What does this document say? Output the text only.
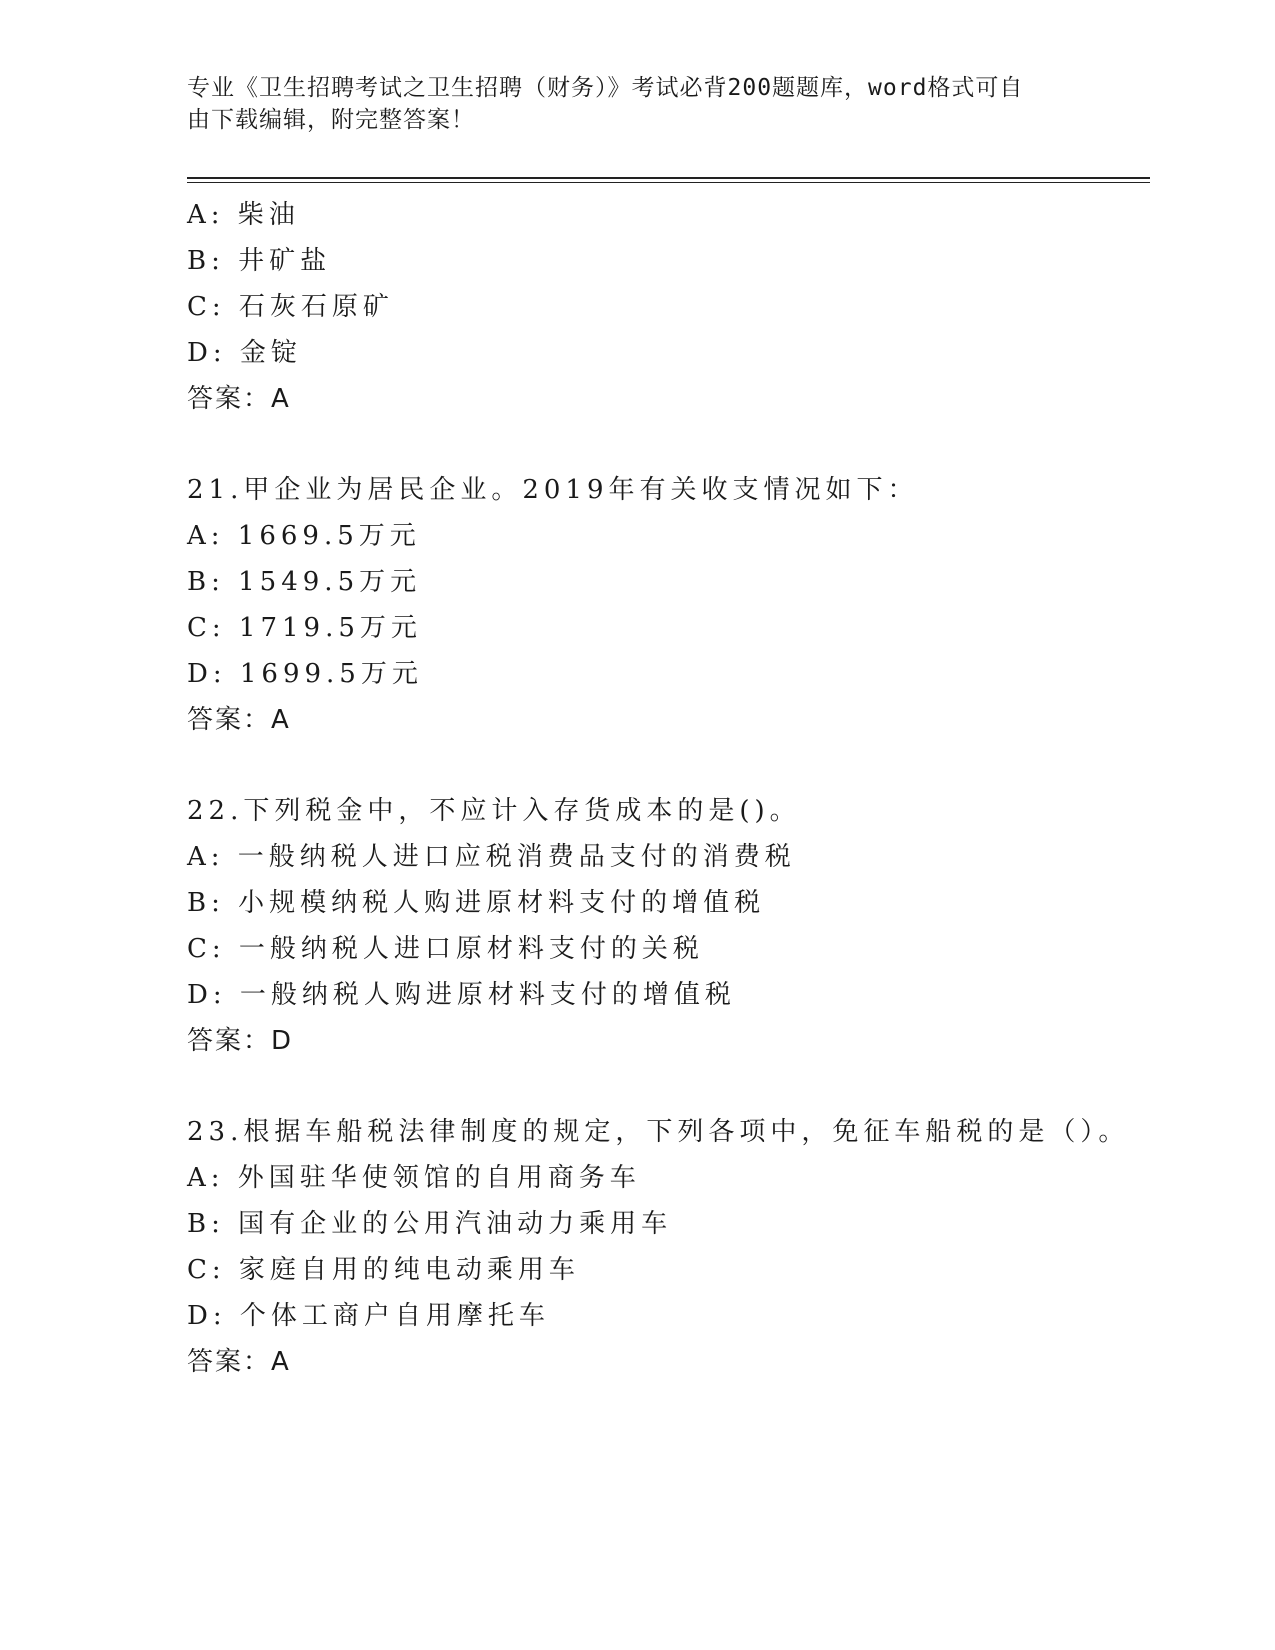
专业《卫生招聘考试之卫生招聘（财务）》考试必背200题题库，word格式可自
由下载编辑，附完整答案！
A: 柴油
B: 井矿盐
C: 石灰石原矿
D: 金锭
答案：A
21.甲企业为居民企业。2019年有关收支情况如下：
A: 1669.5万元
B: 1549.5万元
C: 1719.5万元
D: 1699.5万元
答案：A
22.下列税金中，不应计入存货成本的是()。
A: 一般纳税人进口应税消费品支付的消费税
B: 小规模纳税人购进原材料支付的增值税
C: 一般纳税人进口原材料支付的关税
D: 一般纳税人购进原材料支付的增值税
答案：D
23.根据车船税法律制度的规定，下列各项中，免征车船税的是（）。
A: 外国驻华使领馆的自用商务车
B: 国有企业的公用汽油动力乘用车
C: 家庭自用的纯电动乘用车
D: 个体工商户自用摩托车
答案：A
